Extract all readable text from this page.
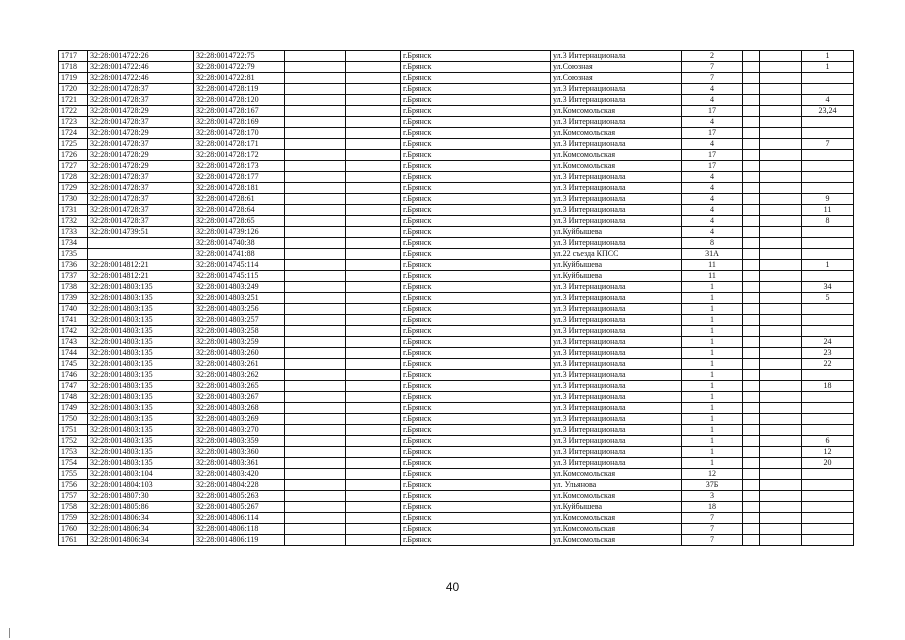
1717	32:28:0014722:26	32:28:0014722:75			г.Брянск	ул.3 Интернационала	2			1
1718	32:28:0014722:46	32:28:0014722:79			г.Брянск	ул.Союзная	7			1
1719	32:28:0014722:46	32:28:0014722:81			г.Брянск	ул.Союзная	7			
1720	32:28:0014728:37	32:28:0014728:119			г.Брянск	ул.3 Интернационала	4			
1721	32:28:0014728:37	32:28:0014728:120			г.Брянск	ул.3 Интернационала	4			4
1722	32:28:0014728:29	32:28:0014728:167			г.Брянск	ул.Комсомольская	17			23,24
1723	32:28:0014728:37	32:28:0014728:169			г.Брянск	ул.3 Интернационала	4			
1724	32:28:0014728:29	32:28:0014728:170			г.Брянск	ул.Комсомольская	17			
1725	32:28:0014728:37	32:28:0014728:171			г.Брянск	ул.3 Интернационала	4			7
1726	32:28:0014728:29	32:28:0014728:172			г.Брянск	ул.Комсомольская	17			
1727	32:28:0014728:29	32:28:0014728:173			г.Брянск	ул.Комсомольская	17			
1728	32:28:0014728:37	32:28:0014728:177			г.Брянск	ул.3 Интернационала	4			
1729	32:28:0014728:37	32:28:0014728:181			г.Брянск	ул.3 Интернационала	4			
1730	32:28:0014728:37	32:28:0014728:61			г.Брянск	ул.3 Интернационала	4			9
1731	32:28:0014728:37	32:28:0014728:64			г.Брянск	ул.3 Интернационала	4			11
1732	32:28:0014728:37	32:28:0014728:65			г.Брянск	ул.3 Интернационала	4			8
1733	32:28:0014739:51	32:28:0014739:126			г.Брянск	ул.Куйбышева	4			
1734		32:28:0014740:38			г.Брянск	ул.3 Интернационала	8			
1735		32:28:0014741:88			г.Брянск	ул.22 съезда КПСС	31А			
1736	32:28:0014812:21	32:28:0014745:114			г.Брянск	ул.Куйбышева	11			1
1737	32:28:0014812:21	32:28:0014745:115			г.Брянск	ул.Куйбышева	11			
1738	32:28:0014803:135	32:28:0014803:249			г.Брянск	ул.3 Интернационала	1			34
1739	32:28:0014803:135	32:28:0014803:251			г.Брянск	ул.3 Интернационала	1			5
1740	32:28:0014803:135	32:28:0014803:256			г.Брянск	ул.3 Интернационала	1			
1741	32:28:0014803:135	32:28:0014803:257			г.Брянск	ул.3 Интернационала	1			
1742	32:28:0014803:135	32:28:0014803:258			г.Брянск	ул.3 Интернационала	1			
1743	32:28:0014803:135	32:28:0014803:259			г.Брянск	ул.3 Интернационала	1			24
1744	32:28:0014803:135	32:28:0014803:260			г.Брянск	ул.3 Интернационала	1			23
1745	32:28:0014803:135	32:28:0014803:261			г.Брянск	ул.3 Интернационала	1			22
1746	32:28:0014803:135	32:28:0014803:262			г.Брянск	ул.3 Интернационала	1			
1747	32:28:0014803:135	32:28:0014803:265			г.Брянск	ул.3 Интернационала	1			18
1748	32:28:0014803:135	32:28:0014803:267			г.Брянск	ул.3 Интернационала	1			
1749	32:28:0014803:135	32:28:0014803:268			г.Брянск	ул.3 Интернационала	1			
1750	32:28:0014803:135	32:28:0014803:269			г.Брянск	ул.3 Интернационала	1			
1751	32:28:0014803:135	32:28:0014803:270			г.Брянск	ул.3 Интернационала	1			
1752	32:28:0014803:135	32:28:0014803:359			г.Брянск	ул.3 Интернационала	1			6
1753	32:28:0014803:135	32:28:0014803:360			г.Брянск	ул.3 Интернационала	1			12
1754	32:28:0014803:135	32:28:0014803:361			г.Брянск	ул.3 Интернационала	1			20
1755	32:28:0014803:104	32:28:0014803:420			г.Брянск	ул.Комсомольская	12			
1756	32:28:0014804:103	32:28:0014804:228			г.Брянск	ул. Ульянова	37Б			
1757	32:28:0014807:30	32:28:0014805:263			г.Брянск	ул.Комсомольская	3			
1758	32:28:0014805:86	32:28:0014805:267			г.Брянск	ул.Куйбышева	18			
1759	32:28:0014806:34	32:28:0014806:114			г.Брянск	ул.Комсомольская	7			
1760	32:28:0014806:34	32:28:0014806:118			г.Брянск	ул.Комсомольская	7			
1761	32:28:0014806:34	32:28:0014806:119			г.Брянск	ул.Комсомольская	7			
40
